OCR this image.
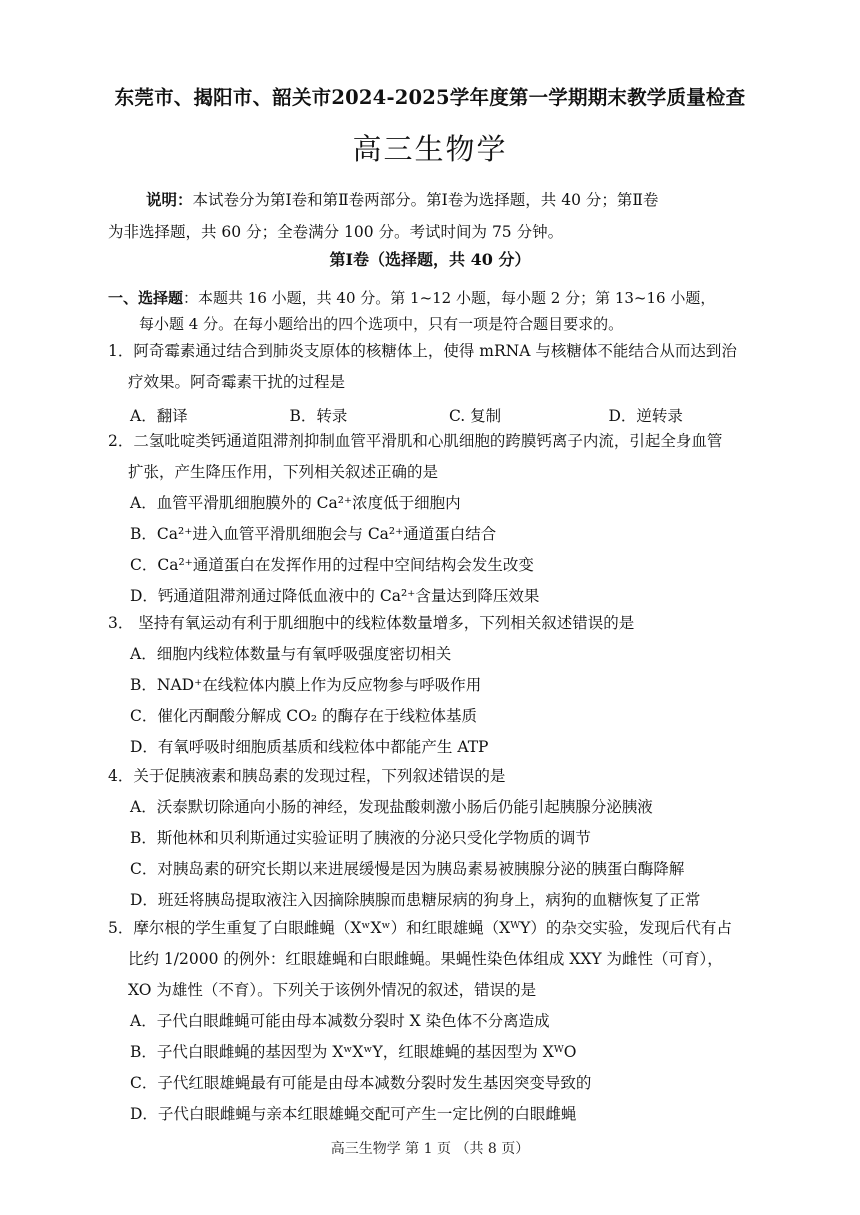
东莞市、揭阳市、韶关市2024-2025学年度第一学期期末教学质量检查
高三生物学
说明：本试卷分为第Ⅰ卷和第Ⅱ卷两部分。第Ⅰ卷为选择题，共 40 分；第Ⅱ卷
为非选择题，共 60 分；全卷满分 100 分。考试时间为 75 分钟。
第Ⅰ卷（选择题，共 40 分）
一、选择题：本题共 16 小题，共 40 分。第 1~12 小题，每小题 2 分；第 13~16 小题，
每小题 4 分。在每小题给出的四个选项中，只有一项是符合题目要求的。
1．阿奇霉素通过结合到肺炎支原体的核糖体上，使得 mRNA 与核糖体不能结合从而达到治
疗效果。阿奇霉素干扰的过程是
A．翻译	B．转录	C. 复制	D．逆转录
2．二氢吡啶类钙通道阻滞剂抑制血管平滑肌和心肌细胞的跨膜钙离子内流，引起全身血管
扩张，产生降压作用，下列相关叙述正确的是
A．血管平滑肌细胞膜外的 Ca²⁺浓度低于细胞内
B．Ca²⁺进入血管平滑肌细胞会与 Ca²⁺通道蛋白结合
C．Ca²⁺通道蛋白在发挥作用的过程中空间结构会发生改变
D．钙通道阻滞剂通过降低血液中的 Ca²⁺含量达到降压效果
3． 坚持有氧运动有利于肌细胞中的线粒体数量增多，下列相关叙述错误的是
A．细胞内线粒体数量与有氧呼吸强度密切相关
B．NAD⁺在线粒体内膜上作为反应物参与呼吸作用
C．催化丙酮酸分解成 CO₂ 的酶存在于线粒体基质
D．有氧呼吸时细胞质基质和线粒体中都能产生 ATP
4．关于促胰液素和胰岛素的发现过程，下列叙述错误的是
A．沃泰默切除通向小肠的神经，发现盐酸刺激小肠后仍能引起胰腺分泌胰液
B．斯他林和贝利斯通过实验证明了胰液的分泌只受化学物质的调节
C．对胰岛素的研究长期以来进展缓慢是因为胰岛素易被胰腺分泌的胰蛋白酶降解
D．班廷将胰岛提取液注入因摘除胰腺而患糖尿病的狗身上，病狗的血糖恢复了正常
5．摩尔根的学生重复了白眼雌蝇（XʷXʷ）和红眼雄蝇（XᵂY）的杂交实验，发现后代有占
比约 1/2000 的例外：红眼雄蝇和白眼雌蝇。果蝇性染色体组成 XXY 为雌性（可育），
XO 为雄性（不育）。下列关于该例外情况的叙述，错误的是
A．子代白眼雌蝇可能由母本减数分裂时 X 染色体不分离造成
B．子代白眼雌蝇的基因型为 XʷXʷY，红眼雄蝇的基因型为 XᵂO
C．子代红眼雄蝇最有可能是由母本减数分裂时发生基因突变导致的
D．子代白眼雌蝇与亲本红眼雄蝇交配可产生一定比例的白眼雌蝇
高三生物学 第 1 页 （共 8 页）
